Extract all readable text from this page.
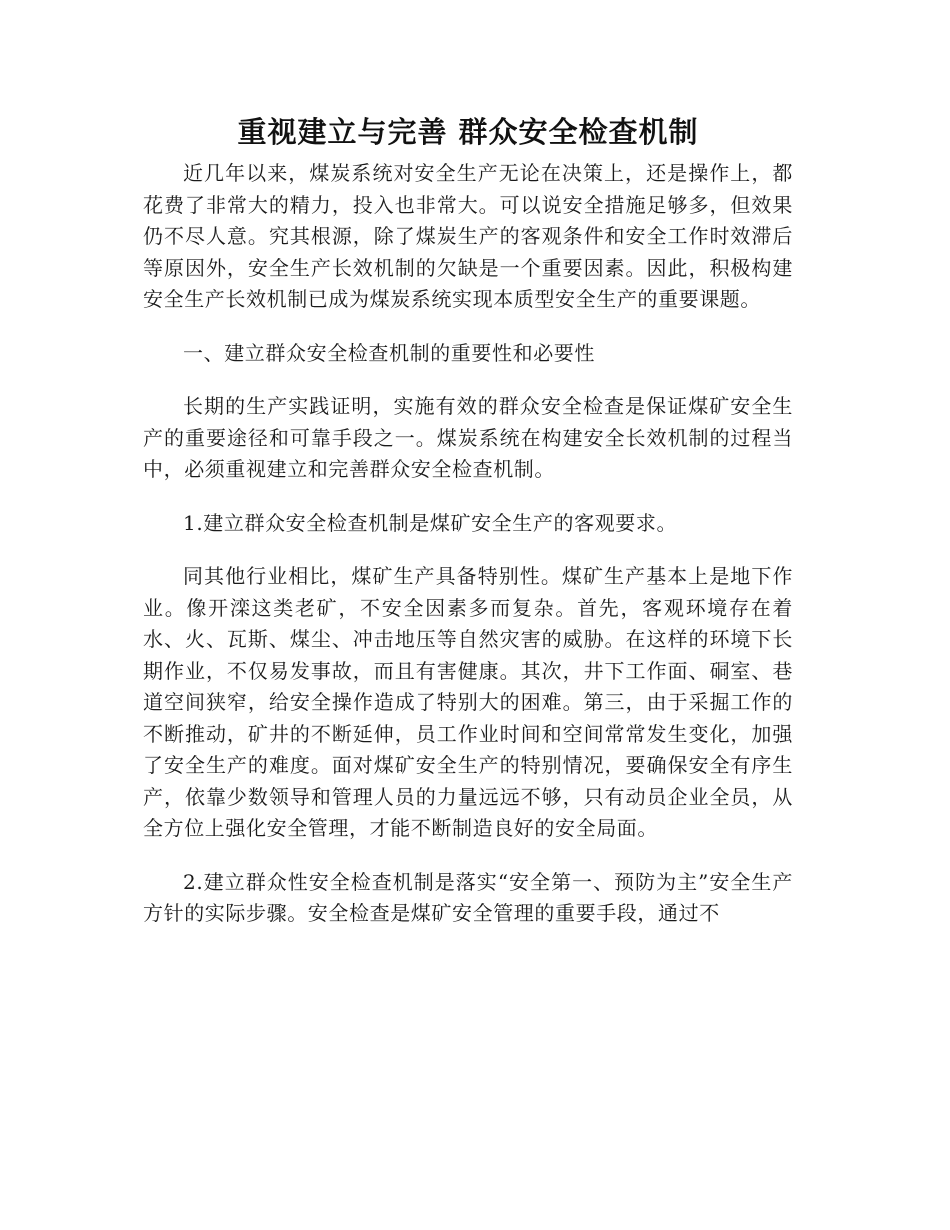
重视建立与完善 群众安全检查机制

近几年以来，煤炭系统对安全生产无论在决策上，还是操作上，都花费了非常大的精力，投入也非常大。可以说安全措施足够多，但效果仍不尽人意。究其根源，除了煤炭生产的客观条件和安全工作时效滞后等原因外，安全生产长效机制的欠缺是一个重要因素。因此，积极构建安全生产长效机制已成为煤炭系统实现本质型安全生产的重要课题。

一、建立群众安全检查机制的重要性和必要性

长期的生产实践证明，实施有效的群众安全检查是保证煤矿安全生产的重要途径和可靠手段之一。煤炭系统在构建安全长效机制的过程当中，必须重视建立和完善群众安全检查机制。

1.建立群众安全检查机制是煤矿安全生产的客观要求。

同其他行业相比，煤矿生产具备特别性。煤矿生产基本上是地下作业。像开滦这类老矿，不安全因素多而复杂。首先，客观环境存在着水、火、瓦斯、煤尘、冲击地压等自然灾害的威胁。在这样的环境下长期作业，不仅易发事故，而且有害健康。其次，井下工作面、硐室、巷道空间狭窄，给安全操作造成了特别大的困难。第三，由于采掘工作的不断推动，矿井的不断延伸，员工作业时间和空间常常发生变化，加强了安全生产的难度。面对煤矿安全生产的特别情况，要确保安全有序生产，依靠少数领导和管理人员的力量远远不够，只有动员企业全员，从全方位上强化安全管理，才能不断制造良好的安全局面。

2.建立群众性安全检查机制是落实“安全第一、预防为主”安全生产方针的实际步骤。安全检查是煤矿安全管理的重要手段，通过不
